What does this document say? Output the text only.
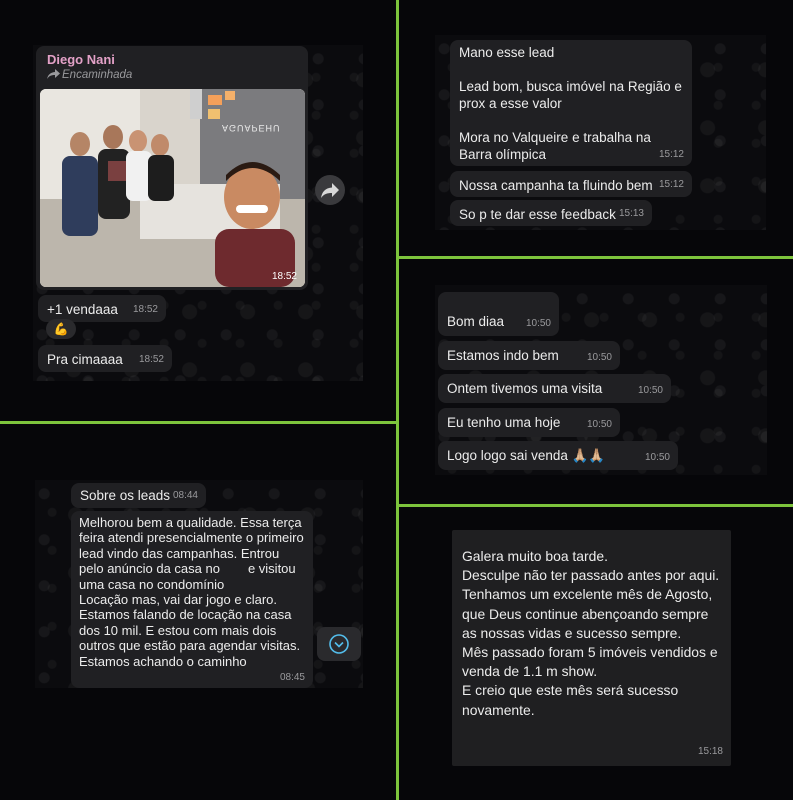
Diego Nani
Encaminhada
AGUAPEHU
18:52
+1 vendaaa 18:52
💪
Pra cimaaaa 18:52
Mano esse lead

Lead bom, busca imóvel na Região e prox a esse valor

Mora no Valqueire e trabalha na Barra olímpica	15:12
Nossa campanha ta fluindo bem 15:12
So p te dar esse feedback 15:13
Bom diaa 10:50
Estamos indo bem	10:50
Ontem tivemos uma visita	10:50
Eu tenho uma hoje	10:50
Logo logo sai venda 🙏🏼🙏🏼	10:50
Sobre os leads 08:44
Melhorou bem a qualidade. Essa terça
feira atendi presencialmente o primeiro
lead vindo das campanhas. Entrou
pelo anúncio da casa no e visitou
uma casa no condomínio
Locação mas, vai dar jogo e claro.
Estamos falando de locação na casa
dos 10 mil. E estou com mais dois
outros que estão para agendar visitas.
Estamos achando o caminho
08:45
Galera muito boa tarde.
Desculpe não ter passado antes por aqui.
Tenhamos um excelente mês de Agosto, que Deus continue abençoando sempre as nossas vidas e sucesso sempre.
Mês passado foram 5 imóveis vendidos e venda de 1.1 m show.
E creio que este mês será sucesso novamente.
15:18
